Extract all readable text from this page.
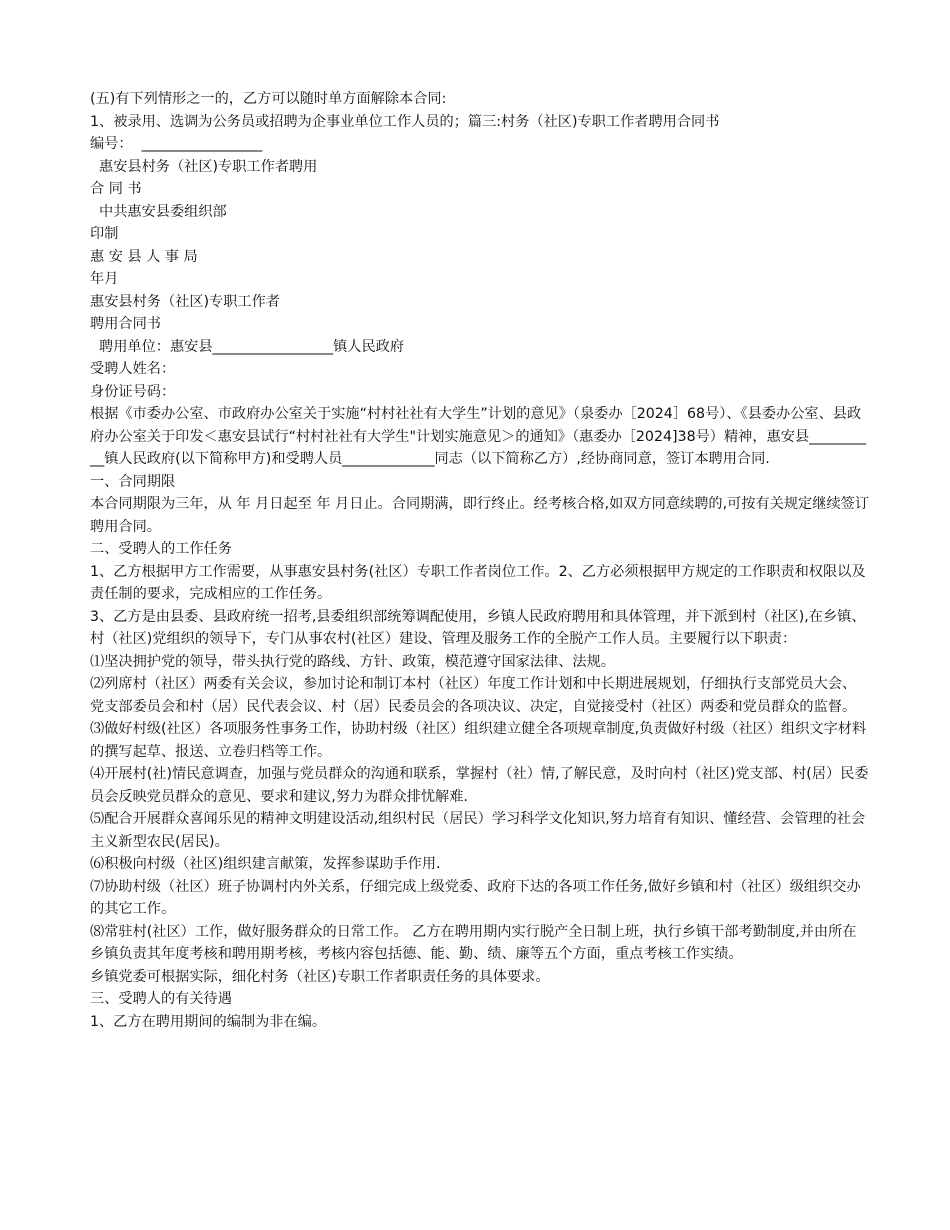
(五)有下列情形之一的，乙方可以随时单方面解除本合同:
1、被录用、选调为公务员或招聘为企事业单位工作人员的；篇三:村务（社区)专职工作者聘用合同书
编号：  _________________
惠安县村务（社区)专职工作者聘用
合 同 书
中共惠安县委组织部
印制
惠 安 县 人 事 局
年月
惠安县村务（社区)专职工作者
聘用合同书
聘用单位：惠安县_________________镇人民政府
受聘人姓名：
身份证号码：
根据《市委办公室、市政府办公室关于实施“村村社社有大学生”计划的意见》（泉委办［2024］68号）、《县委办公室、县政府办公室关于印发＜惠安县试行“村村社社有大学生"计划实施意见＞的通知》（惠委办［2024]38号）精神，惠安县__________镇人民政府(以下简称甲方)和受聘人员_____________同志（以下简称乙方）,经协商同意，签订本聘用合同.
一、合同期限
本合同期限为三年，从 年 月日起至 年 月日止。合同期满，即行终止。经考核合格,如双方同意续聘的,可按有关规定继续签订聘用合同。
二、受聘人的工作任务
1、乙方根据甲方工作需要，从事惠安县村务(社区）专职工作者岗位工作。2、乙方必须根据甲方规定的工作职责和权限以及责任制的要求，完成相应的工作任务。
3、乙方是由县委、县政府统一招考,县委组织部统筹调配使用，乡镇人民政府聘用和具体管理，并下派到村（社区),在乡镇、村（社区)党组织的领导下，专门从事农村(社区）建设、管理及服务工作的全脱产工作人员。主要履行以下职责：
⑴坚决拥护党的领导，带头执行党的路线、方针、政策，模范遵守国家法律、法规。
⑵列席村（社区）两委有关会议，参加讨论和制订本村（社区）年度工作计划和中长期进展规划，仔细执行支部党员大会、党支部委员会和村（居）民代表会议、村（居）民委员会的各项决议、决定，自觉接受村（社区）两委和党员群众的监督。
⑶做好村级(社区）各项服务性事务工作，协助村级（社区）组织建立健全各项规章制度,负责做好村级（社区）组织文字材料的撰写起草、报送、立卷归档等工作。
⑷开展村(社)情民意调查，加强与党员群众的沟通和联系，掌握村（社）情,了解民意，及时向村（社区)党支部、村(居）民委员会反映党员群众的意见、要求和建议,努力为群众排忧解难.
⑸配合开展群众喜闻乐见的精神文明建设活动,组织村民（居民）学习科学文化知识,努力培育有知识、懂经营、会管理的社会主义新型农民(居民)。
⑹积极向村级（社区)组织建言献策，发挥参谋助手作用.
⑺协助村级（社区）班子协调村内外关系，仔细完成上级党委、政府下达的各项工作任务,做好乡镇和村（社区）级组织交办的其它工作。
⑻常驻村(社区）工作，做好服务群众的日常工作。 乙方在聘用期内实行脱产全日制上班，执行乡镇干部考勤制度,并由所在乡镇负责其年度考核和聘用期考核，考核内容包括德、能、勤、绩、廉等五个方面，重点考核工作实绩。
乡镇党委可根据实际，细化村务（社区)专职工作者职责任务的具体要求。
三、受聘人的有关待遇
1、乙方在聘用期间的编制为非在编。
